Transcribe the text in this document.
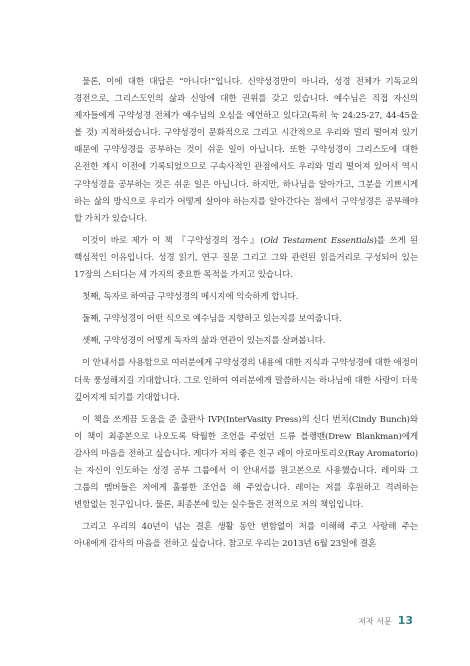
물론, 이에 대한 대답은 “아니다!”입니다. 신약성경만이 아니라, 성경 전체가 기독교의 경전으로, 그리스도인의 삶과 신앙에 대한 권위를 갖고 있습니다. 예수님은 직접 자신의 제자들에게 구약성경 전체가 예수님의 오심을 예언하고 있다고(특히 눅 24:25-27, 44-45을 볼 것) 지적하셨습니다. 구약성경이 문화적으로 그리고 시간적으로 우리와 멀리 떨어져 있기 때문에 구약성경을 공부하는 것이 쉬운 일이 아닙니다. 또한 구약성경이 그리스도에 대한 온전한 계시 이전에 기록되었으므로 구속사적인 관점에서도 우리와 멀리 떨어져 있어서 역시 구약성경을 공부하는 것은 쉬운 일은 아닙니다. 하지만, 하나님을 알아가고, 그분을 기쁘시게 하는 삶의 방식으로 우리가 어떻게 살아야 하는지를 알아간다는 점에서 구약성경은 공부해야 할 가치가 있습니다.

이것이 바로 제가 이 책 『구약성경의 정수』(Old Testament Essentials)를 쓰게 된 핵심적인 이유입니다. 성경 읽기, 연구 질문 그리고 그와 관련된 읽을거리로 구성되어 있는 17장의 스터디는 세 가지의 중요한 목적을 가지고 있습니다.

첫째, 독자로 하여금 구약성경의 메시지에 익숙하게 합니다.

둘째, 구약성경이 어떤 식으로 예수님을 지향하고 있는지를 보여줍니다.

셋째, 구약성경이 어떻게 독자의 삶과 연관이 있는지를 살펴봅니다.

이 안내서를 사용함으로 여러분에게 구약성경의 내용에 대한 지식과 구약성경에 대한 애정이 더욱 풍성해지길 기대합니다. 그로 인하여 여러분에게 말씀하시는 하나님에 대한 사랑이 더욱 깊어지게 되기를 기대합니다.

이 책을 쓰게끔 도움을 준 출판사 IVP(InterVasity Press)의 신디 번치(Cindy Bunch)와 이 책이 최종본으로 나오도록 탁월한 조언을 주었던 드류 블랭맨(Drew Blankman)에게 감사의 마음을 전하고 싶습니다. 게다가 저의 좋은 친구 레이 아로마토리오(Ray Aromatorio)는 자신이 인도하는 성경 공부 그룹에서 이 안내서를 원고본으로 사용했습니다. 레이와 그 그룹의 멤버들은 저에게 훌륭한 조언을 해 주었습니다. 레이는 저를 후원하고 격려하는 변함없는 친구입니다. 물론, 최종본에 있는 실수들은 전적으로 저의 책임입니다.

그리고 우리의 40년이 넘는 결혼 생활 동안 변함없이 저를 이해해 주고 사랑해 주는 아내에게 감사의 마음을 전하고 싶습니다. 참고로 우리는 2013년 6월 23일에 결혼

저자 서문 13
